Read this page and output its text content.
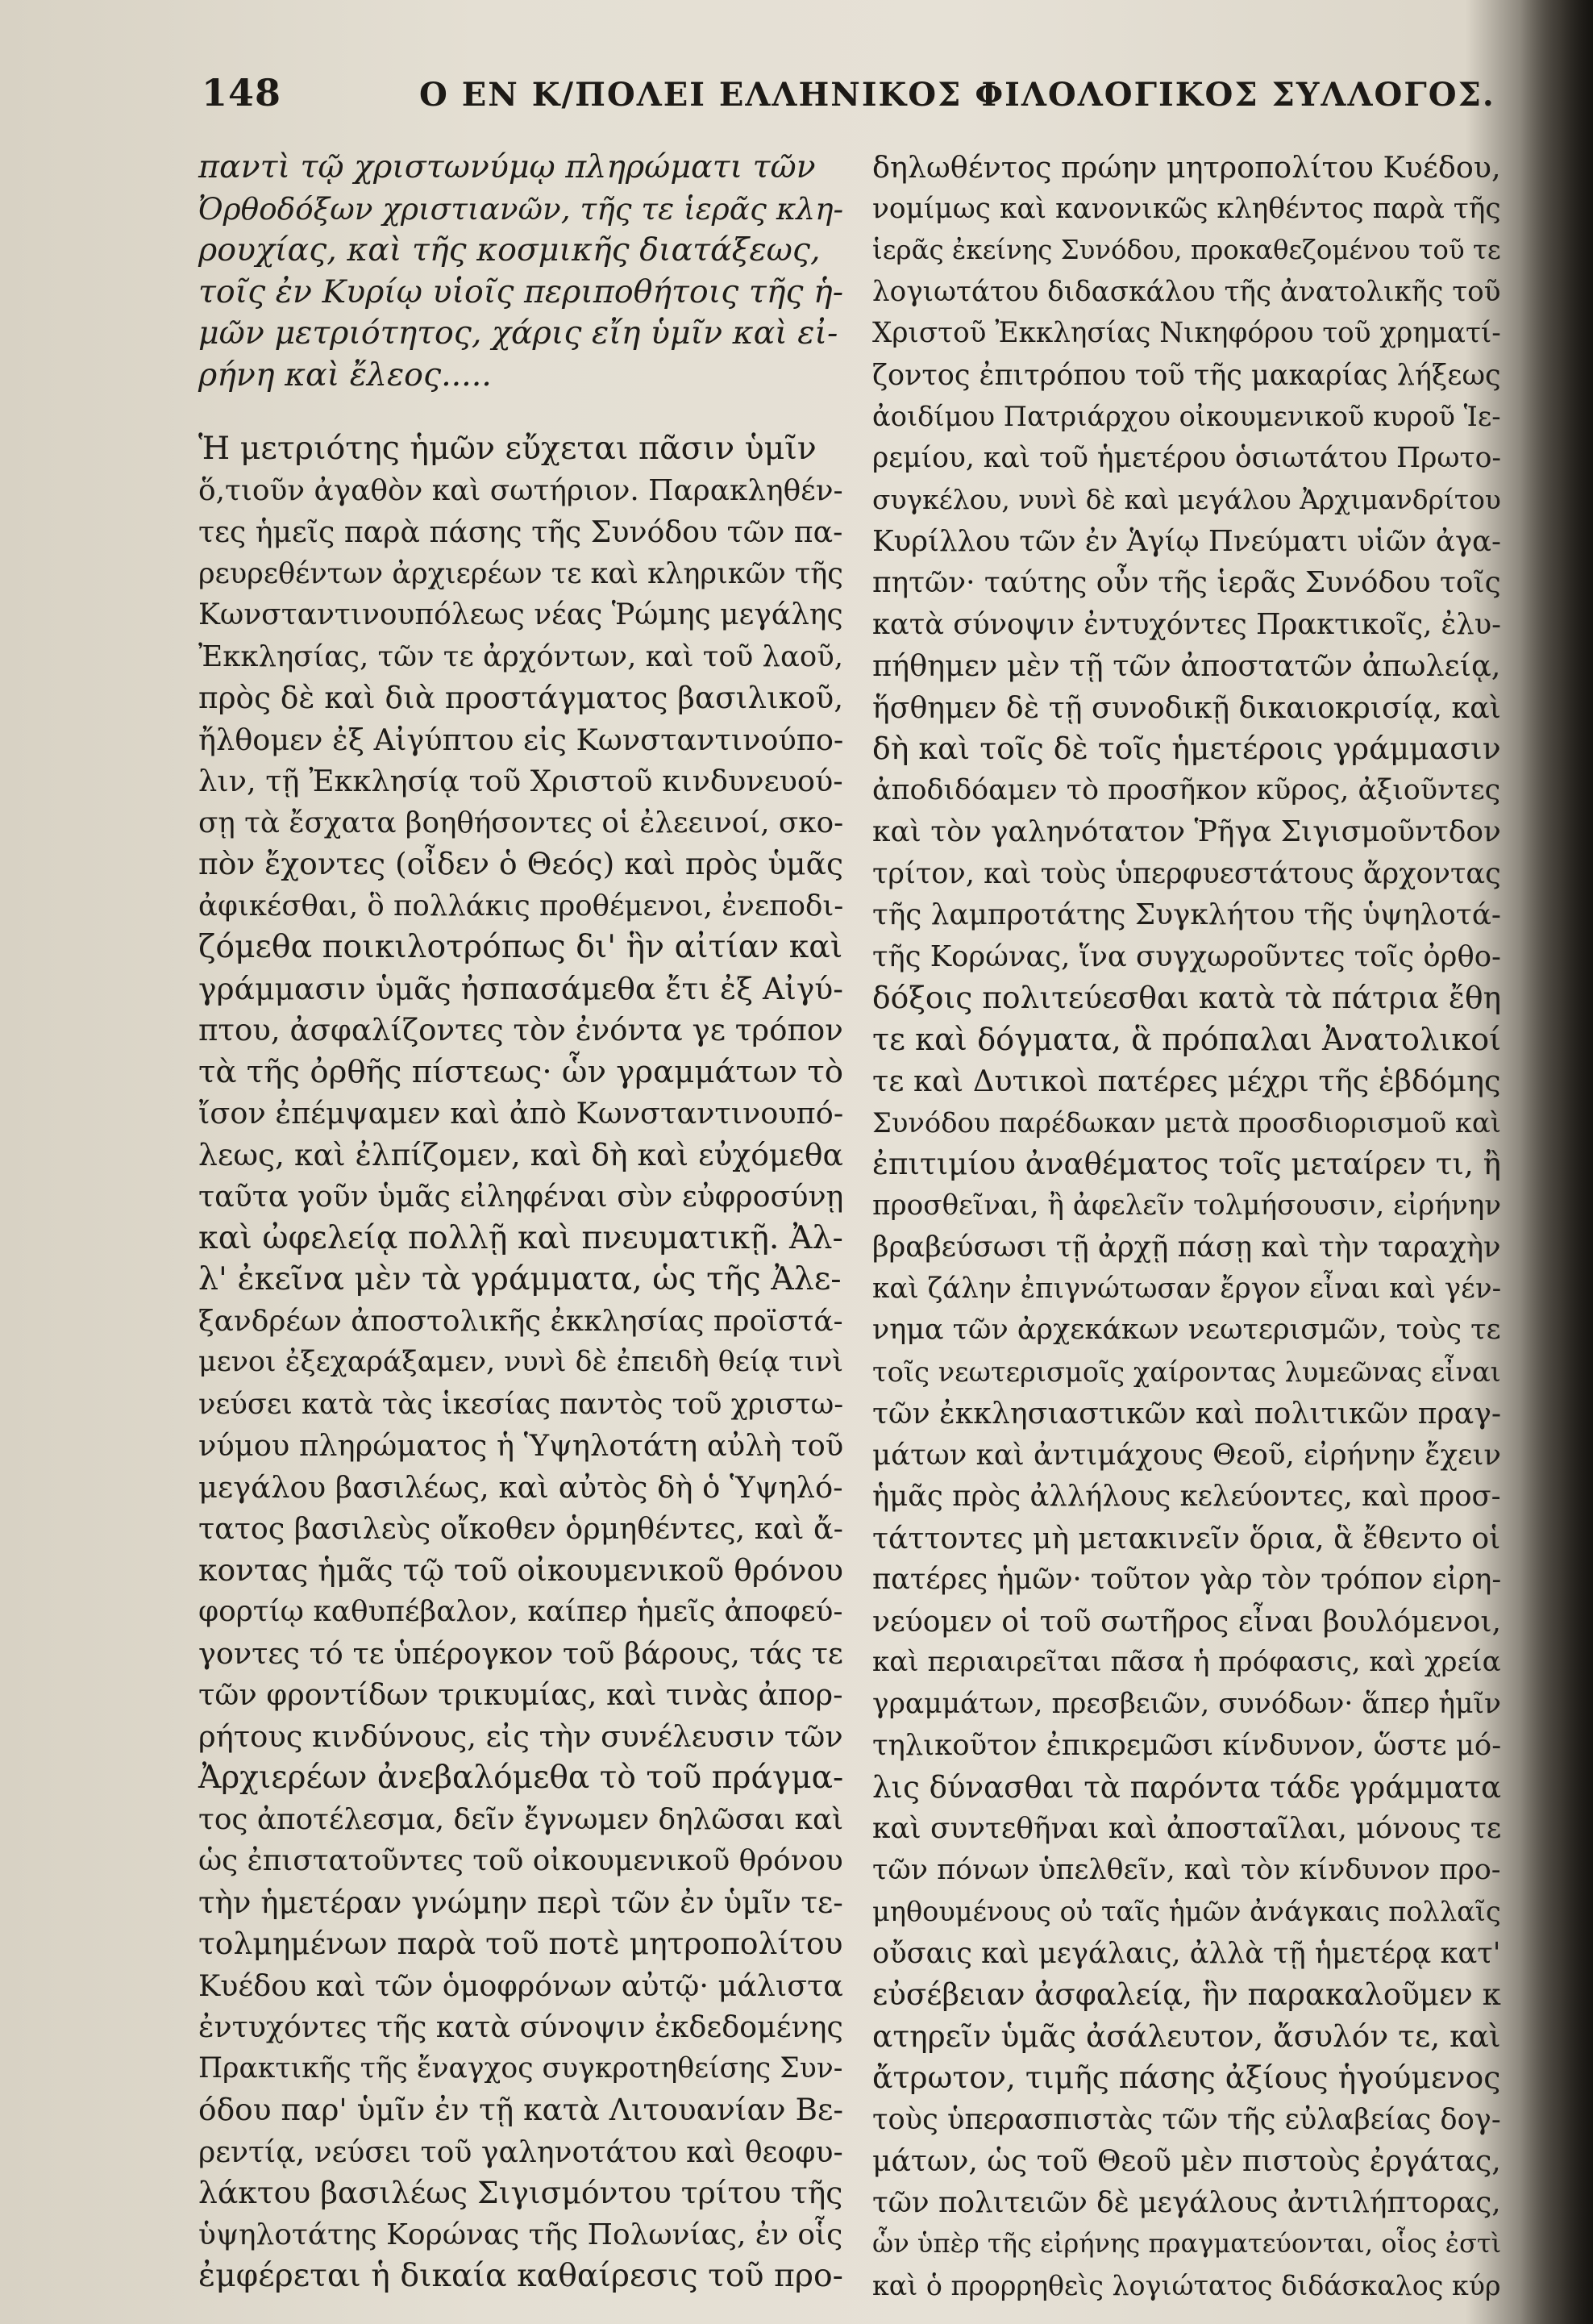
148	Ο ΕΝ Κ/ΠΟΛΕΙ ΕΛΛΗΝΙΚΟΣ ΦΙΛΟΛΟΓΙΚΟΣ ΣΥΛΛΟΓΟΣ.
παντὶ τῷ χριστωνύμῳ πληρώματι τῶν
Ὀρθοδόξων χριστιανῶν, τῆς τε ἱερᾶς κλη-
ρουχίας, καὶ τῆς κοσμικῆς διατάξεως,
τοῖς ἐν Κυρίῳ υἱοῖς περιποθήτοις τῆς ἡ-
μῶν μετριότητος, χάρις εἴη ὑμῖν καὶ εἰ-
ρήνη καὶ ἔλεος.....
Ἡ μετριότης ἡμῶν εὔχεται πᾶσιν ὑμῖν
ὅ,τιοῦν ἀγαθὸν καὶ σωτήριον. Παρακληθέν-
τες ἡμεῖς παρὰ πάσης τῆς Συνόδου τῶν πα-
ρευρεθέντων ἀρχιερέων τε καὶ κληρικῶν τῆς
Κωνσταντινουπόλεως νέας Ῥώμης μεγάλης
Ἐκκλησίας, τῶν τε ἀρχόντων, καὶ τοῦ λαοῦ,
πρὸς δὲ καὶ διὰ προστάγματος βασιλικοῦ,
ἤλθομεν ἐξ Αἰγύπτου εἰς Κωνσταντινούπο-
λιν, τῇ Ἐκκλησίᾳ τοῦ Χριστοῦ κινδυνευού-
σῃ τὰ ἔσχατα βοηθήσοντες οἱ ἐλεεινοί, σκο-
πὸν ἔχοντες (οἶδεν ὁ Θεός) καὶ πρὸς ὑμᾶς
ἀφικέσθαι, ὃ πολλάκις προθέμενοι, ἐνεποδι-
ζόμεθα ποικιλοτρόπως δι' ἣν αἰτίαν καὶ
γράμμασιν ὑμᾶς ἠσπασάμεθα ἔτι ἐξ Αἰγύ-
πτου, ἀσφαλίζοντες τὸν ἐνόντα γε τρόπον
τὰ τῆς ὀρθῆς πίστεως· ὧν γραμμάτων τὸ
ἴσον ἐπέμψαμεν καὶ ἀπὸ Κωνσταντινουπό-
λεως, καὶ ἐλπίζομεν, καὶ δὴ καὶ εὐχόμεθα
ταῦτα γοῦν ὑμᾶς εἰληφέναι σὺν εὐφροσύνῃ
καὶ ὠφελείᾳ πολλῇ καὶ πνευματικῇ. Ἀλ-
λ' ἐκεῖνα μὲν τὰ γράμματα, ὡς τῆς Ἀλε-
ξανδρέων ἀποστολικῆς ἐκκλησίας προϊστά-
μενοι ἐξεχαράξαμεν, νυνὶ δὲ ἐπειδὴ θείᾳ τινὶ
νεύσει κατὰ τὰς ἱκεσίας παντὸς τοῦ χριστω-
νύμου πληρώματος ἡ Ὑψηλοτάτη αὐλὴ τοῦ
μεγάλου βασιλέως, καὶ αὐτὸς δὴ ὁ Ὑψηλό-
τατος βασιλεὺς οἴκοθεν ὁρμηθέντες, καὶ ἄ-
κοντας ἡμᾶς τῷ τοῦ οἰκουμενικοῦ θρόνου
φορτίῳ καθυπέβαλον, καίπερ ἡμεῖς ἀποφεύ-
γοντες τό τε ὑπέρογκον τοῦ βάρους, τάς τε
τῶν φροντίδων τρικυμίας, καὶ τινὰς ἀπορ-
ρήτους κινδύνους, εἰς τὴν συνέλευσιν τῶν
Ἀρχιερέων ἀνεβαλόμεθα τὸ τοῦ πράγμα-
τος ἀποτέλεσμα, δεῖν ἔγνωμεν δηλῶσαι καὶ
ὡς ἐπιστατοῦντες τοῦ οἰκουμενικοῦ θρόνου
τὴν ἡμετέραν γνώμην περὶ τῶν ἐν ὑμῖν τε-
τολμημένων παρὰ τοῦ ποτὲ μητροπολίτου
Κυέδου καὶ τῶν ὁμοφρόνων αὐτῷ· μάλιστα
ἐντυχόντες τῆς κατὰ σύνοψιν ἐκδεδομένης
Πρακτικῆς τῆς ἔναγχος συγκροτηθείσης Συν-
όδου παρ' ὑμῖν ἐν τῇ κατὰ Λιτουανίαν Βε-
ρεντίᾳ, νεύσει τοῦ γαληνοτάτου καὶ θεοφυ-
λάκτου βασιλέως Σιγισμόντου τρίτου τῆς
ὑψηλοτάτης Κορώνας τῆς Πολωνίας, ἐν οἷς
ἐμφέρεται ἡ δικαία καθαίρεσις τοῦ προ-
δηλωθέντος πρώην μητροπολίτου Κυέδου,
νομίμως καὶ κανονικῶς κληθέντος παρὰ τῆς
ἱερᾶς ἐκείνης Συνόδου, προκαθεζομένου τοῦ τε
λογιωτάτου διδασκάλου τῆς ἀνατολικῆς τοῦ
Χριστοῦ Ἐκκλησίας Νικηφόρου τοῦ χρηματί-
ζοντος ἐπιτρόπου τοῦ τῆς μακαρίας λήξεως
ἀοιδίμου Πατριάρχου οἰκουμενικοῦ κυροῦ Ἱε-
ρεμίου, καὶ τοῦ ἡμετέρου ὁσιωτάτου Πρωτο-
συγκέλου, νυνὶ δὲ καὶ μεγάλου Ἀρχιμανδρίτου
Κυρίλλου τῶν ἐν Ἁγίῳ Πνεύματι υἱῶν ἀγα-
πητῶν· ταύτης οὖν τῆς ἱερᾶς Συνόδου τοῖς
κατὰ σύνοψιν ἐντυχόντες Πρακτικοῖς, ἐλυ-
πήθημεν μὲν τῇ τῶν ἀποστατῶν ἀπωλείᾳ,
ἥσθημεν δὲ τῇ συνοδικῇ δικαιοκρισίᾳ, καὶ
δὴ καὶ τοῖς δὲ τοῖς ἡμετέροις γράμμασιν
ἀποδιδόαμεν τὸ προσῆκον κῦρος, ἀξιοῦντες
καὶ τὸν γαληνότατον Ῥῆγα Σιγισμοῦντδον
τρίτον, καὶ τοὺς ὑπερφυεστάτους ἄρχοντας
τῆς λαμπροτάτης Συγκλήτου τῆς ὑψηλοτά-
τῆς Κορώνας, ἵνα συγχωροῦντες τοῖς ὀρθο-
δόξοις πολιτεύεσθαι κατὰ τὰ πάτρια ἔθη
τε καὶ δόγματα, ἃ πρόπαλαι Ἀνατολικοί
τε καὶ Δυτικοὶ πατέρες μέχρι τῆς ἑβδόμης
Συνόδου παρέδωκαν μετὰ προσδιορισμοῦ καὶ
ἐπιτιμίου ἀναθέματος τοῖς μεταίρεν τι, ἢ
προσθεῖναι, ἢ ἀφελεῖν τολμήσουσιν, εἰρήνην
βραβεύσωσι τῇ ἀρχῇ πάσῃ καὶ τὴν ταραχὴν
καὶ ζάλην ἐπιγνώτωσαν ἔργον εἶναι καὶ γέν-
νημα τῶν ἀρχεκάκων νεωτερισμῶν, τοὺς τε
τοῖς νεωτερισμοῖς χαίροντας λυμεῶνας εἶναι
τῶν ἐκκλησιαστικῶν καὶ πολιτικῶν πραγ-
μάτων καὶ ἀντιμάχους Θεοῦ, εἰρήνην ἔχειν
ἡμᾶς πρὸς ἀλλήλους κελεύοντες, καὶ προσ-
τάττοντες μὴ μετακινεῖν ὅρια, ἃ ἔθεντο οἱ
πατέρες ἡμῶν· τοῦτον γὰρ τὸν τρόπον εἰρη-
νεύομεν οἱ τοῦ σωτῆρος εἶναι βουλόμενοι,
καὶ περιαιρεῖται πᾶσα ἡ πρόφασις, καὶ χρεία
γραμμάτων, πρεσβειῶν, συνόδων· ἅπερ ἡμῖν
τηλικοῦτον ἐπικρεμῶσι κίνδυνον, ὥστε μό-
λις δύνασθαι τὰ παρόντα τάδε γράμματα
καὶ συντεθῆναι καὶ ἀποσταῖλαι, μόνους τε
τῶν πόνων ὑπελθεῖν, καὶ τὸν κίνδυνον προ-
μηθουμένους οὐ ταῖς ἡμῶν ἀνάγκαις πολλαῖς
οὔσαις καὶ μεγάλαις, ἀλλὰ τῇ ἡμετέρᾳ κατ'
εὐσέβειαν ἀσφαλείᾳ, ἣν παρακαλοῦμεν κ
ατηρεῖν ὑμᾶς ἀσάλευτον, ἄσυλόν τε, καὶ
ἄτρωτον, τιμῆς πάσης ἀξίους ἡγούμενος
τοὺς ὑπερασπιστὰς τῶν τῆς εὐλαβείας δογ-
μάτων, ὡς τοῦ Θεοῦ μὲν πιστοὺς ἐργάτας,
τῶν πολιτειῶν δὲ μεγάλους ἀντιλήπτορας,
ὧν ὑπὲρ τῆς εἰρήνης πραγματεύονται, οἷος ἐστὶ
καὶ ὁ προρρηθεὶς λογιώτατος διδάσκαλος κύρ
